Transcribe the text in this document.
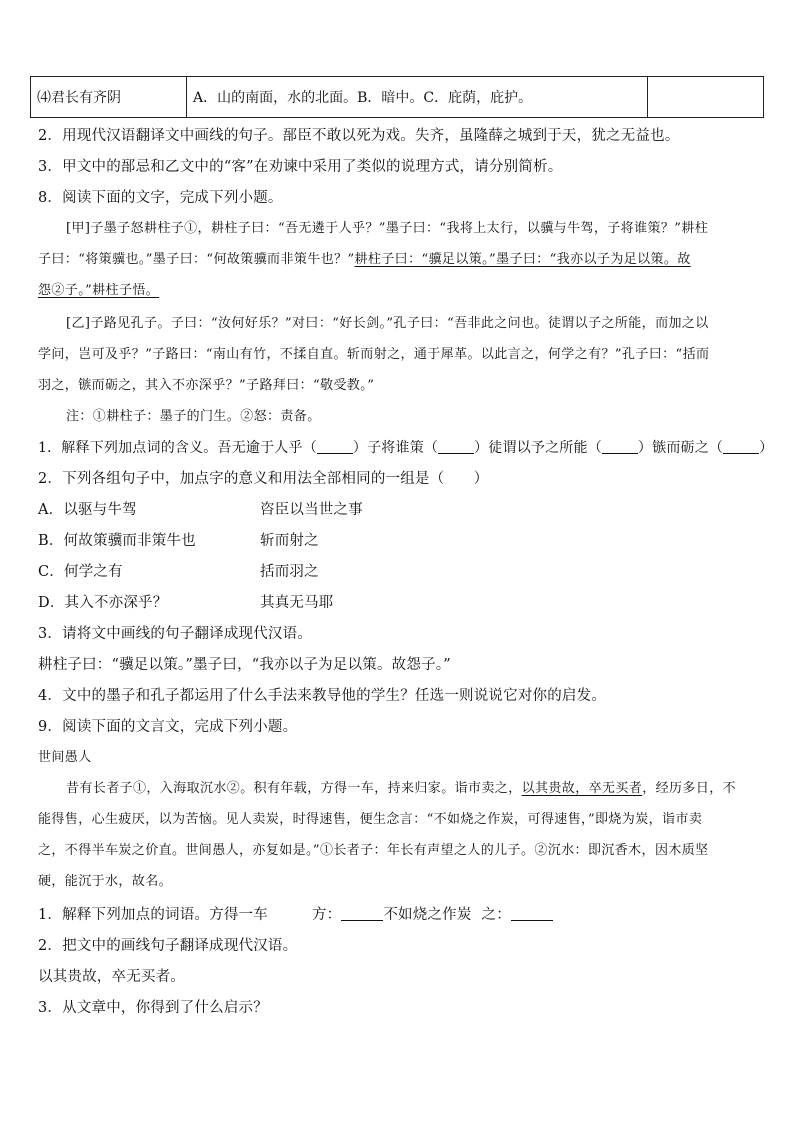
⑷君长有齐阴	A．山的南面，水的北面。B．暗中。C．庇荫，庇护。	
2．用现代汉语翻译文中画线的句子。郚臣不敢以死为戏。失齐，虽隆薛之城到于天，犹之无益也。
3．甲文中的郚忌和乙文中的“客”在劝谏中采用了类似的说理方式，请分别简析。
8．阅读下面的文字，完成下列小题。
[甲]子墨子怒耕柱子①，耕柱子曰：“吾无遴于人乎？”墨子曰：“我将上太行，以骥与牛驾，子将谁策？”耕柱
子曰：“将策骥也。”墨子曰：“何故策骥而非策牛也？”耕柱子曰：“骥足以策。”墨子曰：“我亦以子为足以策。故
怨②子。”耕柱子悟。
[乙]子路见孔子。子曰：“汝何好乐？”对曰：“好长剑。”孔子曰：“吾非此之问也。徒谓以子之所能，而加之以
学问，岂可及乎？”子路曰：“南山有竹，不揉自直。斩而射之，通于犀革。以此言之，何学之有？”孔子曰：“括而
羽之，镞而砺之，其入不亦深乎？”子路拜曰：“敬受教。”
注：①耕柱子：墨子的门生。②怒：责备。
1．解释下列加点词的含义。吾无逾于人乎（	）子将谁策（	）徒谓以予之所能（	）镞而砺之（	）
2．下列各组句子中，加点字的意义和用法全部相同的一组是（　　）
A．以驱与牛驾	咨臣以当世之事
B．何故策骥而非策牛也	斩而射之
C．何学之有	括而羽之
D．其入不亦深乎？	其真无马耶
3．请将文中画线的句子翻译成现代汉语。
耕柱子曰：“骥足以策。”墨子曰，“我亦以子为足以策。故怨子。”
4．文中的墨子和孔子都运用了什么手法来教导他的学生？任选一则说说它对你的启发。
9．阅读下面的文言文，完成下列小题。
世间愚人
昔有长者子①，入海取沉水②。积有年载，方得一车，持来归家。诣市卖之，以其贵故，卒无买者，经历多日，不
能得售，心生疲厌，以为苦恼。见人卖炭，时得速售，便生念言：“不如烧之作炭，可得速售，”即烧为炭，诣市卖
之，不得半车炭之价直。世间愚人，亦复如是。”①长者子：年长有声望之人的儿子。②沉水：即沉香木，因木质坚
硬，能沉于水，故名。
1．解释下列加点的词语。方得一车	方：	不如烧之作炭 之：
2．把文中的画线句子翻译成现代汉语。
以其贵故，卒无买者。
3．从文章中，你得到了什么启示？
